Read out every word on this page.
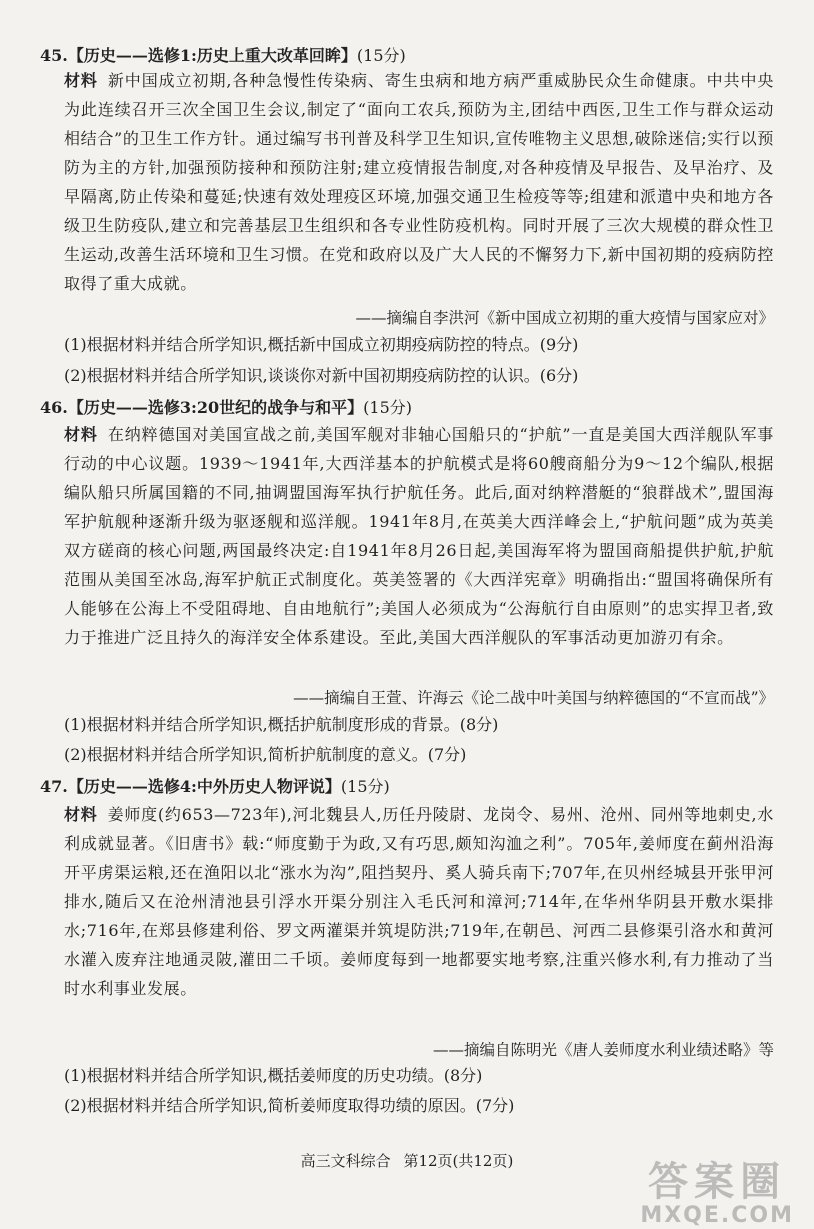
45.【历史——选修1:历史上重大改革回眸】(15分)
材料 新中国成立初期,各种急慢性传染病、寄生虫病和地方病严重威胁民众生命健康。中共中央为此连续召开三次全国卫生会议,制定了“面向工农兵,预防为主,团结中西医,卫生工作与群众运动相结合”的卫生工作方针。通过编写书刊普及科学卫生知识,宣传唯物主义思想,破除迷信;实行以预防为主的方针,加强预防接种和预防注射;建立疫情报告制度,对各种疫情及早报告、及早治疗、及早隔离,防止传染和蔓延;快速有效处理疫区环境,加强交通卫生检疫等等;组建和派遣中央和地方各级卫生防疫队,建立和完善基层卫生组织和各专业性防疫机构。同时开展了三次大规模的群众性卫生运动,改善生活环境和卫生习惯。在党和政府以及广大人民的不懈努力下,新中国初期的疫病防控取得了重大成就。
——摘编自李洪河《新中国成立初期的重大疫情与国家应对》
(1)根据材料并结合所学知识,概括新中国成立初期疫病防控的特点。(9分)
(2)根据材料并结合所学知识,谈谈你对新中国初期疫病防控的认识。(6分)
46.【历史——选修3:20世纪的战争与和平】(15分)
材料 在纳粹德国对美国宣战之前,美国军舰对非轴心国船只的“护航”一直是美国大西洋舰队军事行动的中心议题。1939～1941年,大西洋基本的护航模式是将60艘商船分为9～12个编队,根据编队船只所属国籍的不同,抽调盟国海军执行护航任务。此后,面对纳粹潜艇的“狼群战术”,盟国海军护航舰种逐渐升级为驱逐舰和巡洋舰。1941年8月,在英美大西洋峰会上,“护航问题”成为英美双方磋商的核心问题,两国最终决定:自1941年8月26日起,美国海军将为盟国商船提供护航,护航范围从美国至冰岛,海军护航正式制度化。英美签署的《大西洋宪章》明确指出:“盟国将确保所有人能够在公海上不受阻碍地、自由地航行”;美国人必须成为“公海航行自由原则”的忠实捍卫者,致力于推进广泛且持久的海洋安全体系建设。至此,美国大西洋舰队的军事活动更加游刃有余。
——摘编自王萱、许海云《论二战中叶美国与纳粹德国的“不宣而战”》
(1)根据材料并结合所学知识,概括护航制度形成的背景。(8分)
(2)根据材料并结合所学知识,简析护航制度的意义。(7分)
47.【历史——选修4:中外历史人物评说】(15分)
材料 姜师度(约653—723年),河北魏县人,历任丹陵尉、龙岗令、易州、沧州、同州等地刺史,水利成就显著。《旧唐书》载:“师度勤于为政,又有巧思,颇知沟洫之利”。705年,姜师度在蓟州沿海开平虏渠运粮,还在渔阳以北“涨水为沟”,阻挡契丹、奚人骑兵南下;707年,在贝州经城县开张甲河排水,随后又在沧州清池县引浮水开渠分别注入毛氏河和漳河;714年,在华州华阴县开敷水渠排水;716年,在郑县修建利俗、罗文两灌渠并筑堤防洪;719年,在朝邑、河西二县修渠引洛水和黄河水灌入废弃注地通灵陂,灌田二千顷。姜师度每到一地都要实地考察,注重兴修水利,有力推动了当时水利事业发展。
——摘编自陈明光《唐人姜师度水利业绩述略》等
(1)根据材料并结合所学知识,概括姜师度的历史功绩。(8分)
(2)根据材料并结合所学知识,简析姜师度取得功绩的原因。(7分)
高三文科综合 第12页(共12页)	答案圈
MXQE.COM
